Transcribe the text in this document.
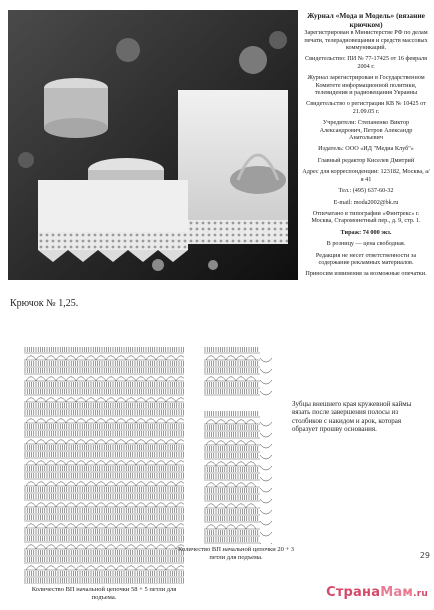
Крючок № 1,25.
Журнал «Мода и Модель» (вязание крючком)

Зарегистрирован в Министерстве РФ по делам печати, телерадиовещания и средств массовых коммуникаций.

Свидетельство: ПИ № 77-17425 от 16 февраля 2004 г.

Журнал зарегистрирован в Государственном Комитете информационной политики, телевидения и радиовещания Украины

Свидетельство о регистрации КВ № 10425 от 21.09.05 г.

Учредители: Степаненко Виктор Александрович, Петров Александр Анатольевич

Издатель: ООО «ИД "Медиа Клуб"»

Главный редактор Киселев Дмитрий

Адрес для корреспонденции: 123182, Москва, а/я 41

Тел.: (495) 637-60-32

E-mail: moda2002@bk.ru

Отпечатано в типографии «Финтрекс» г. Москва, Старомонетный пер., д. 9, стр. 1.

Тираж: 74 000 экз.

В розницу — цена свободная.

Редакция не несет ответственности за содержание рекламных материалов.

Приносим извинения за возможные опечатки.

Количество ВП начальной цепочки 58 + 5 петли для подъема.
Количество ВП начальной цепочки 20 + 3 петли для подъема.
Зубцы внешнего края кружевной каймы вязать после завершения полосы из столбиков с накидом и арок, которая образует прошву основания.
29
СтранаМам.ru
